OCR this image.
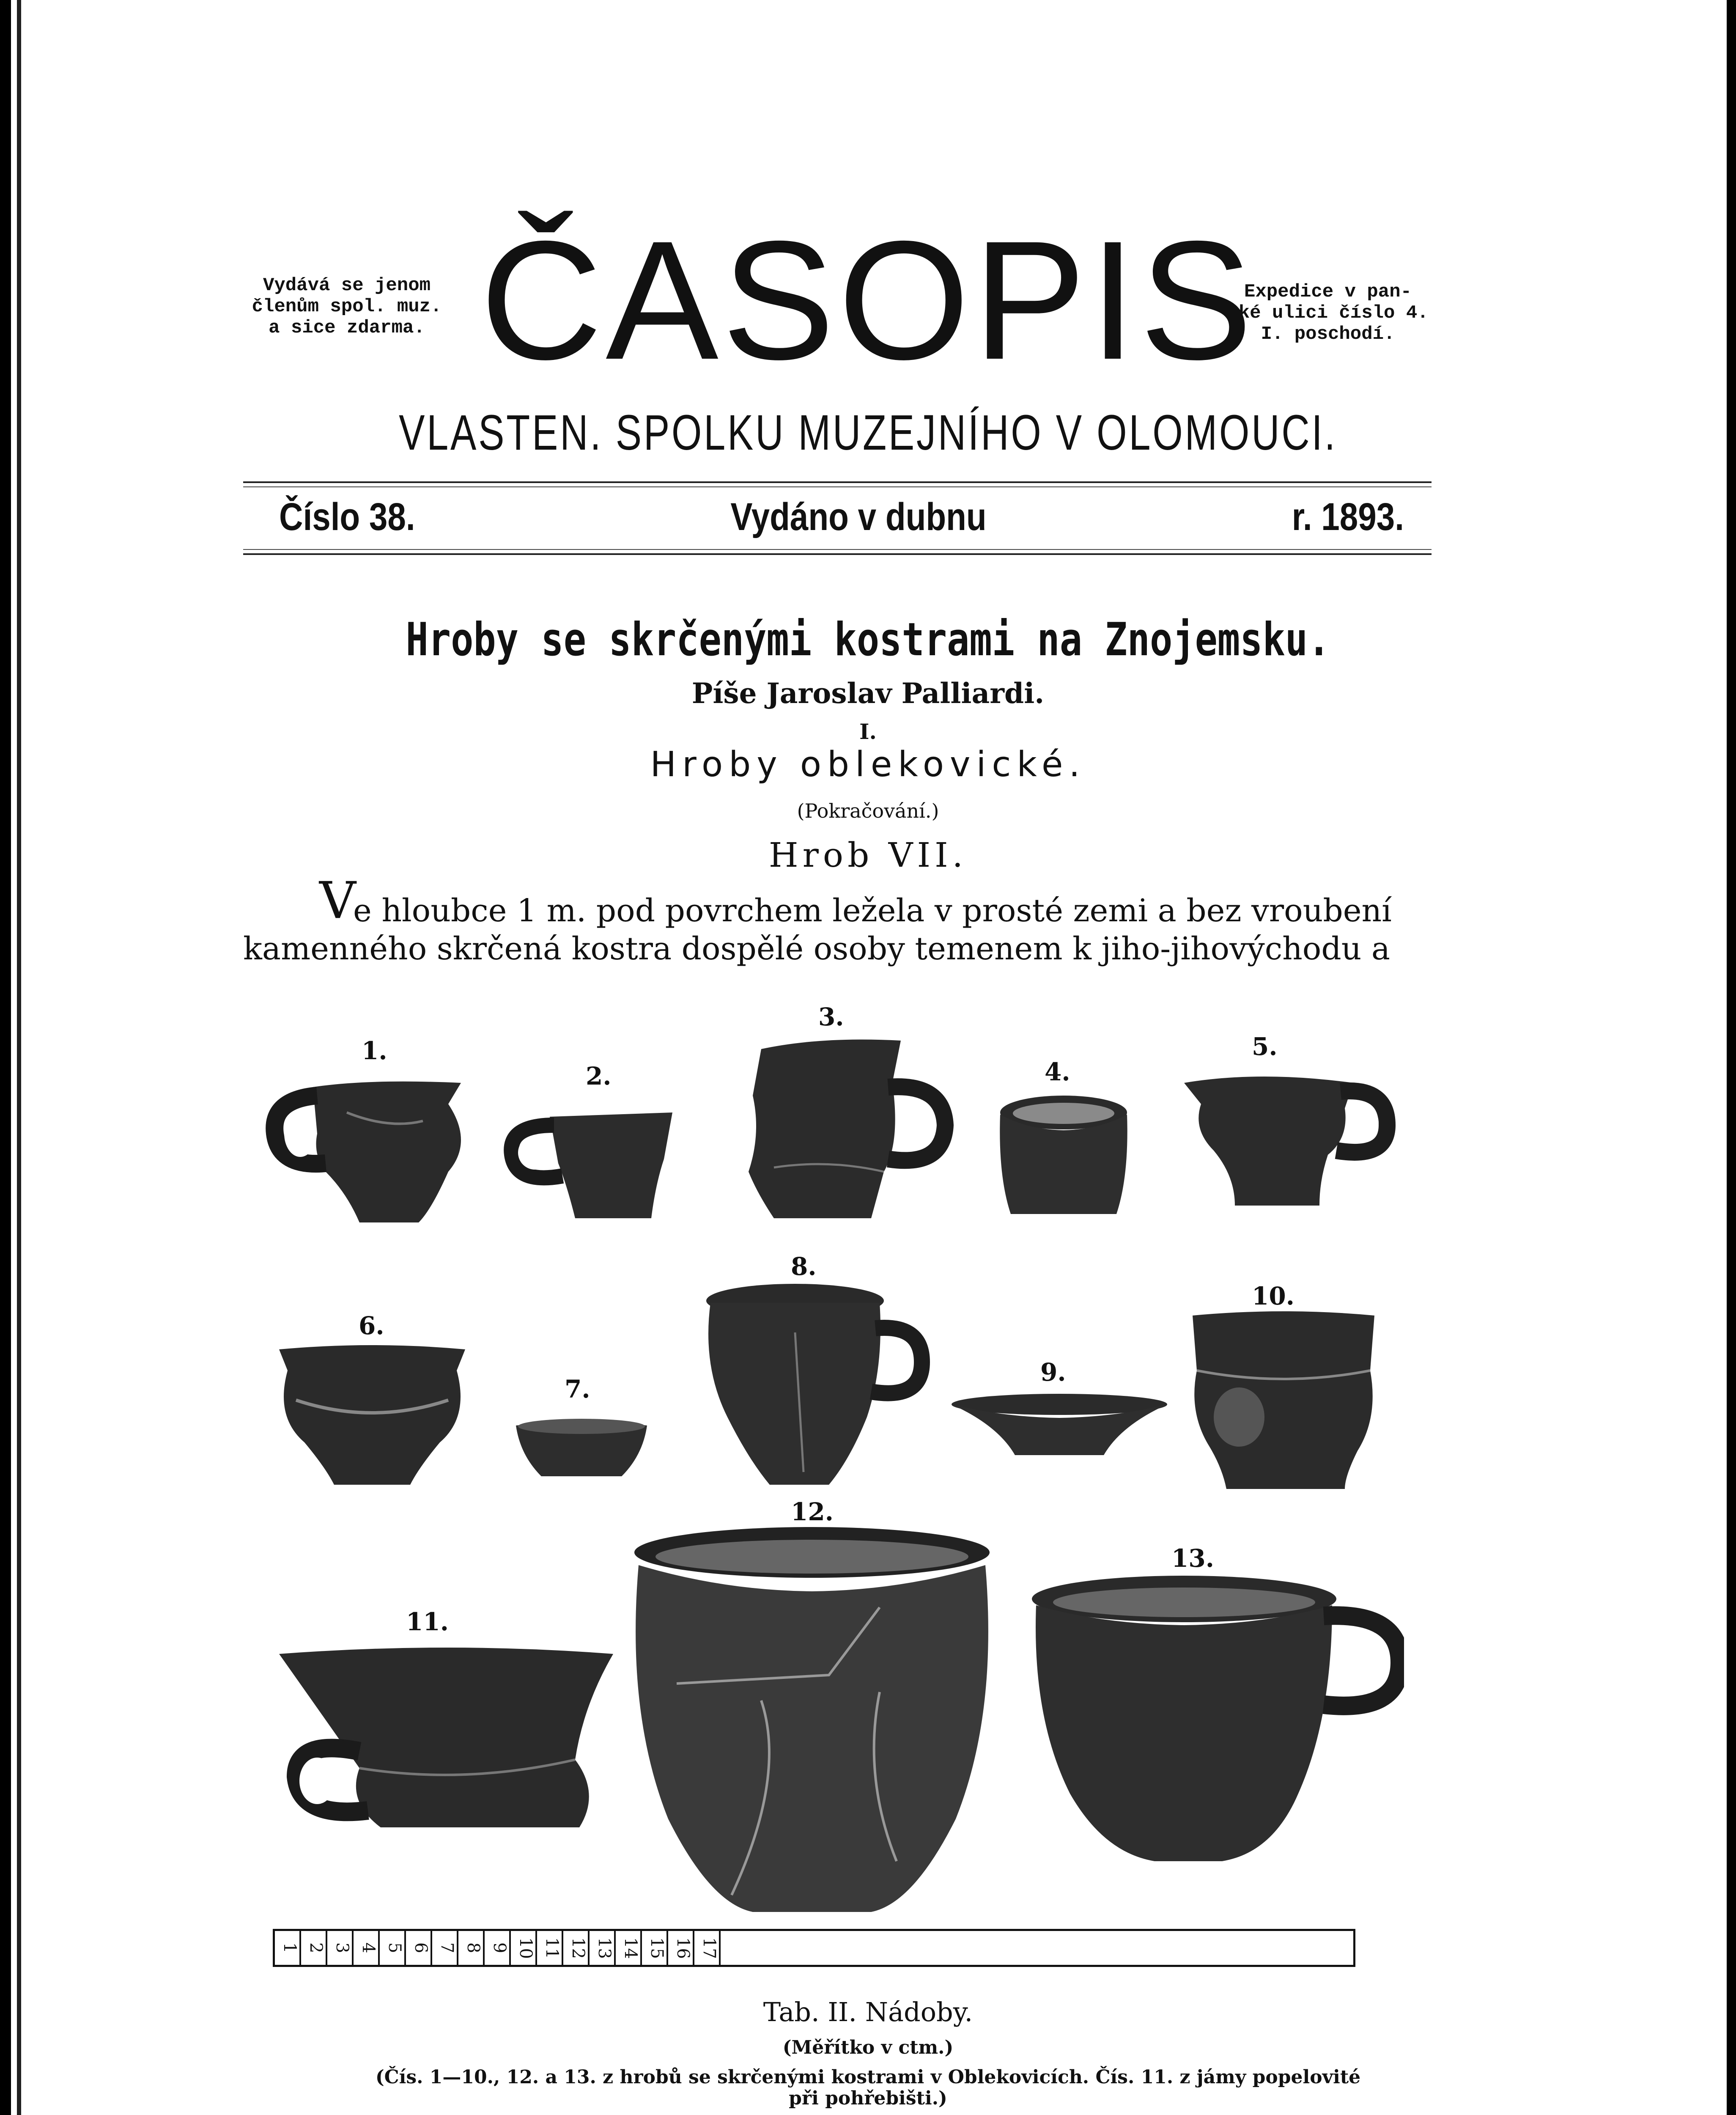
Vydává se jenom
členům spol. muz.
a sice zdarma. ČASOPIS
Expedice v pan-
ské ulici číslo 4.
I. poschodí.
VLASTEN. SPOLKU MUZEJNÍHO V OLOMOUCI.
Číslo 38.	Vydáno v dubnu	r. 1893.
Hroby se skrčenými kostrami na Znojemsku.
Píše Jaroslav Palliardi.
I.
Hroby oblekovické.
(Pokračování.)
Hrob VII.
V
e hloubce 1 m. pod povrchem ležela v prosté zemi a bez vroubení
kamenného skrčená kostra dospělé osoby temenem k jiho-jihovýchodu a
1.
2.
3.
4.
5.
6.
7.
8.
9.
10.
11.
12.
13.
1 2 3 4 5 6 7 8 9 10 11 12 13 14 15 16 17
Tab. II. Nádoby.
(Měřítko v ctm.)
(Čís. 1—10., 12. a 13. z hrobů se skrčenými kostrami v Oblekovicích. Čís. 11. z jámy popelovité
při pohřebišti.)
